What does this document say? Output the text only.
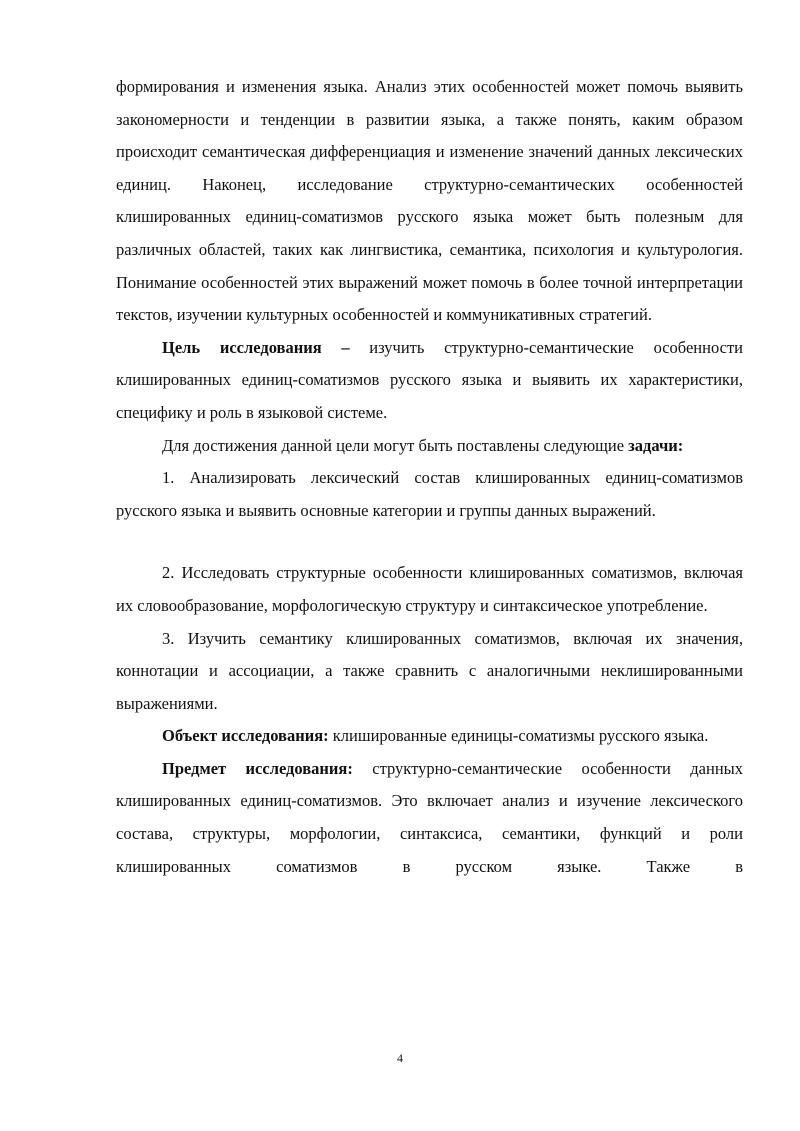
формирования и изменения языка. Анализ этих особенностей может помочь выявить закономерности и тенденции в развитии языка, а также понять, каким образом происходит семантическая дифференциация и изменение значений данных лексических единиц. Наконец, исследование структурно-семантических особенностей клишированных единиц-соматизмов русского языка может быть полезным для различных областей, таких как лингвистика, семантика, психология и культурология. Понимание особенностей этих выражений может помочь в более точной интерпретации текстов, изучении культурных особенностей и коммуникативных стратегий.

Цель исследования – изучить структурно-семантические особенности клишированных единиц-соматизмов русского языка и выявить их характеристики, специфику и роль в языковой системе.

Для достижения данной цели могут быть поставлены следующие задачи:

1. Анализировать лексический состав клишированных единиц-соматизмов русского языка и выявить основные категории и группы данных выражений.

2. Исследовать структурные особенности клишированных соматизмов, включая их словообразование, морфологическую структуру и синтаксическое употребление.

3. Изучить семантику клишированных соматизмов, включая их значения, коннотации и ассоциации, а также сравнить с аналогичными неклишированными выражениями.

Объект исследования: клишированные единицы-соматизмы русского языка.

Предмет исследования: структурно-семантические особенности данных клишированных единиц-соматизмов. Это включает анализ и изучение лексического состава, структуры, морфологии, синтаксиса, семантики, функций и роли клишированных соматизмов в русском языке. Также в

4
